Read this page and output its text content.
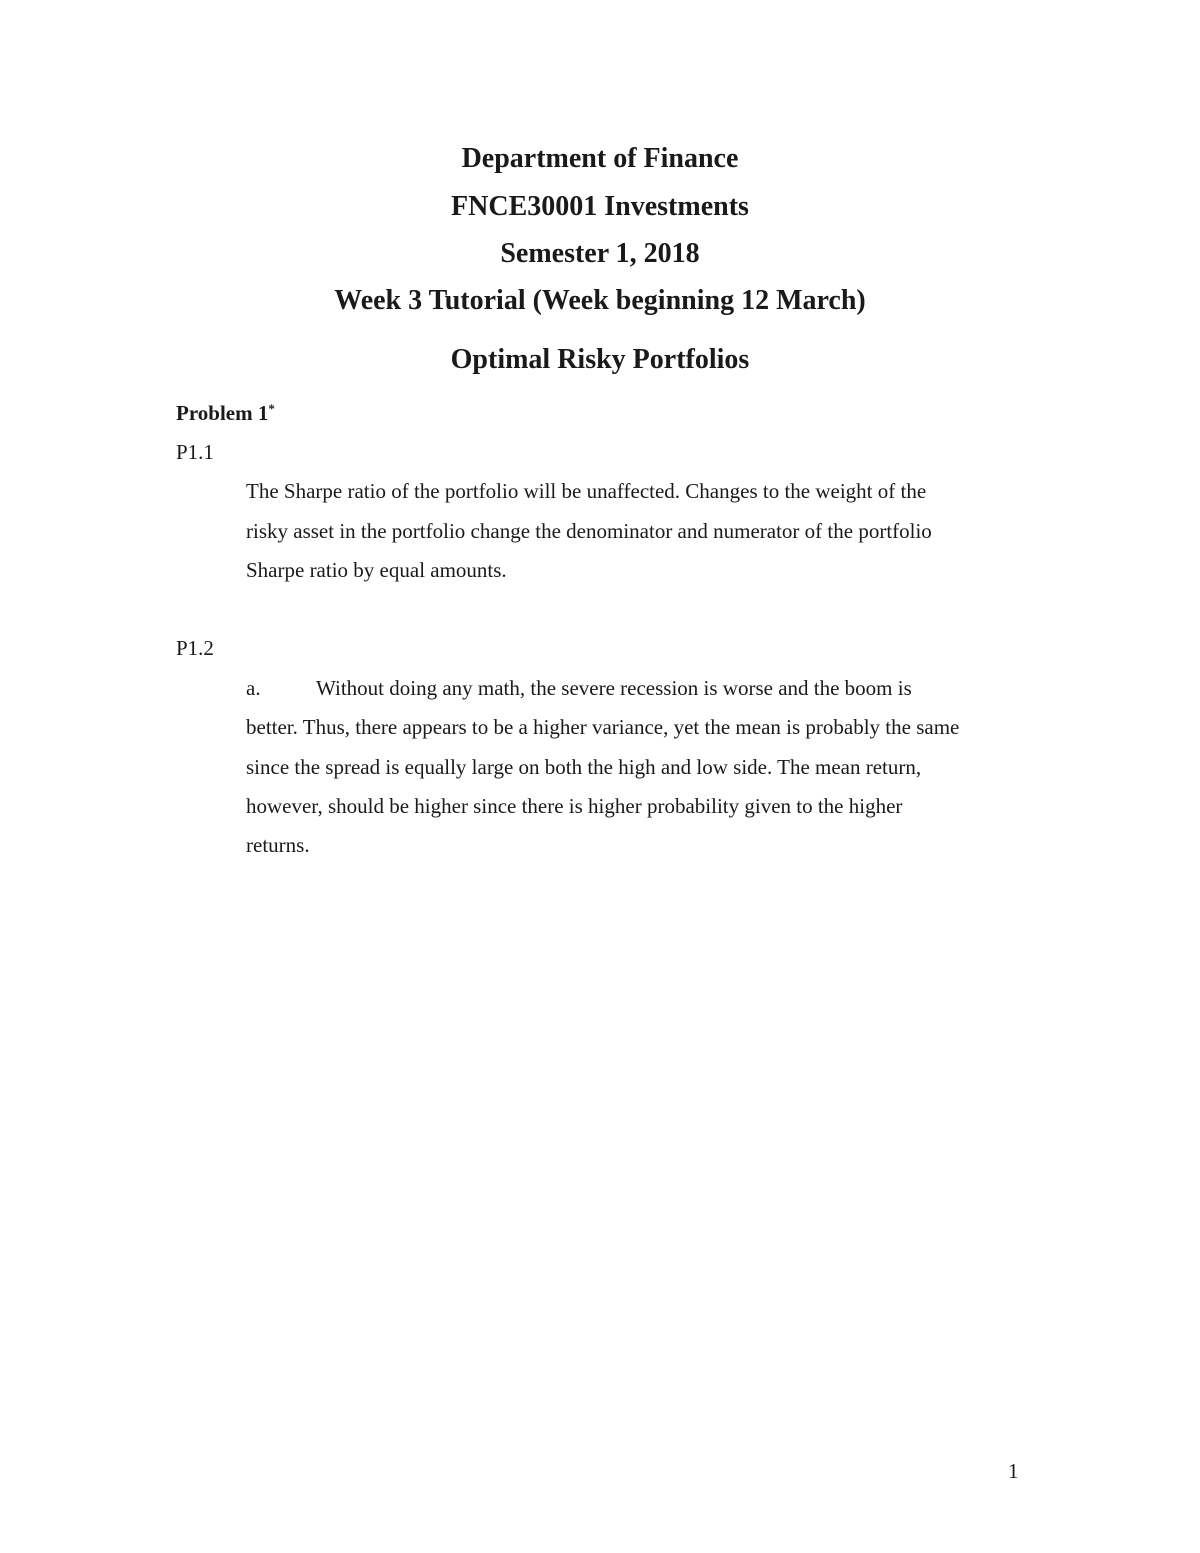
Department of Finance
FNCE30001 Investments
Semester 1, 2018
Week 3 Tutorial (Week beginning 12 March)
Optimal Risky Portfolios
Problem 1*
P1.1
The Sharpe ratio of the portfolio will be unaffected. Changes to the weight of the
risky asset in the portfolio change the denominator and numerator of the portfolio
Sharpe ratio by equal amounts.
P1.2
a.	Without doing any math, the severe recession is worse and the boom is
better. Thus, there appears to be a higher variance, yet the mean is probably the same
since the spread is equally large on both the high and low side. The mean return,
however, should be higher since there is higher probability given to the higher
returns.
1
